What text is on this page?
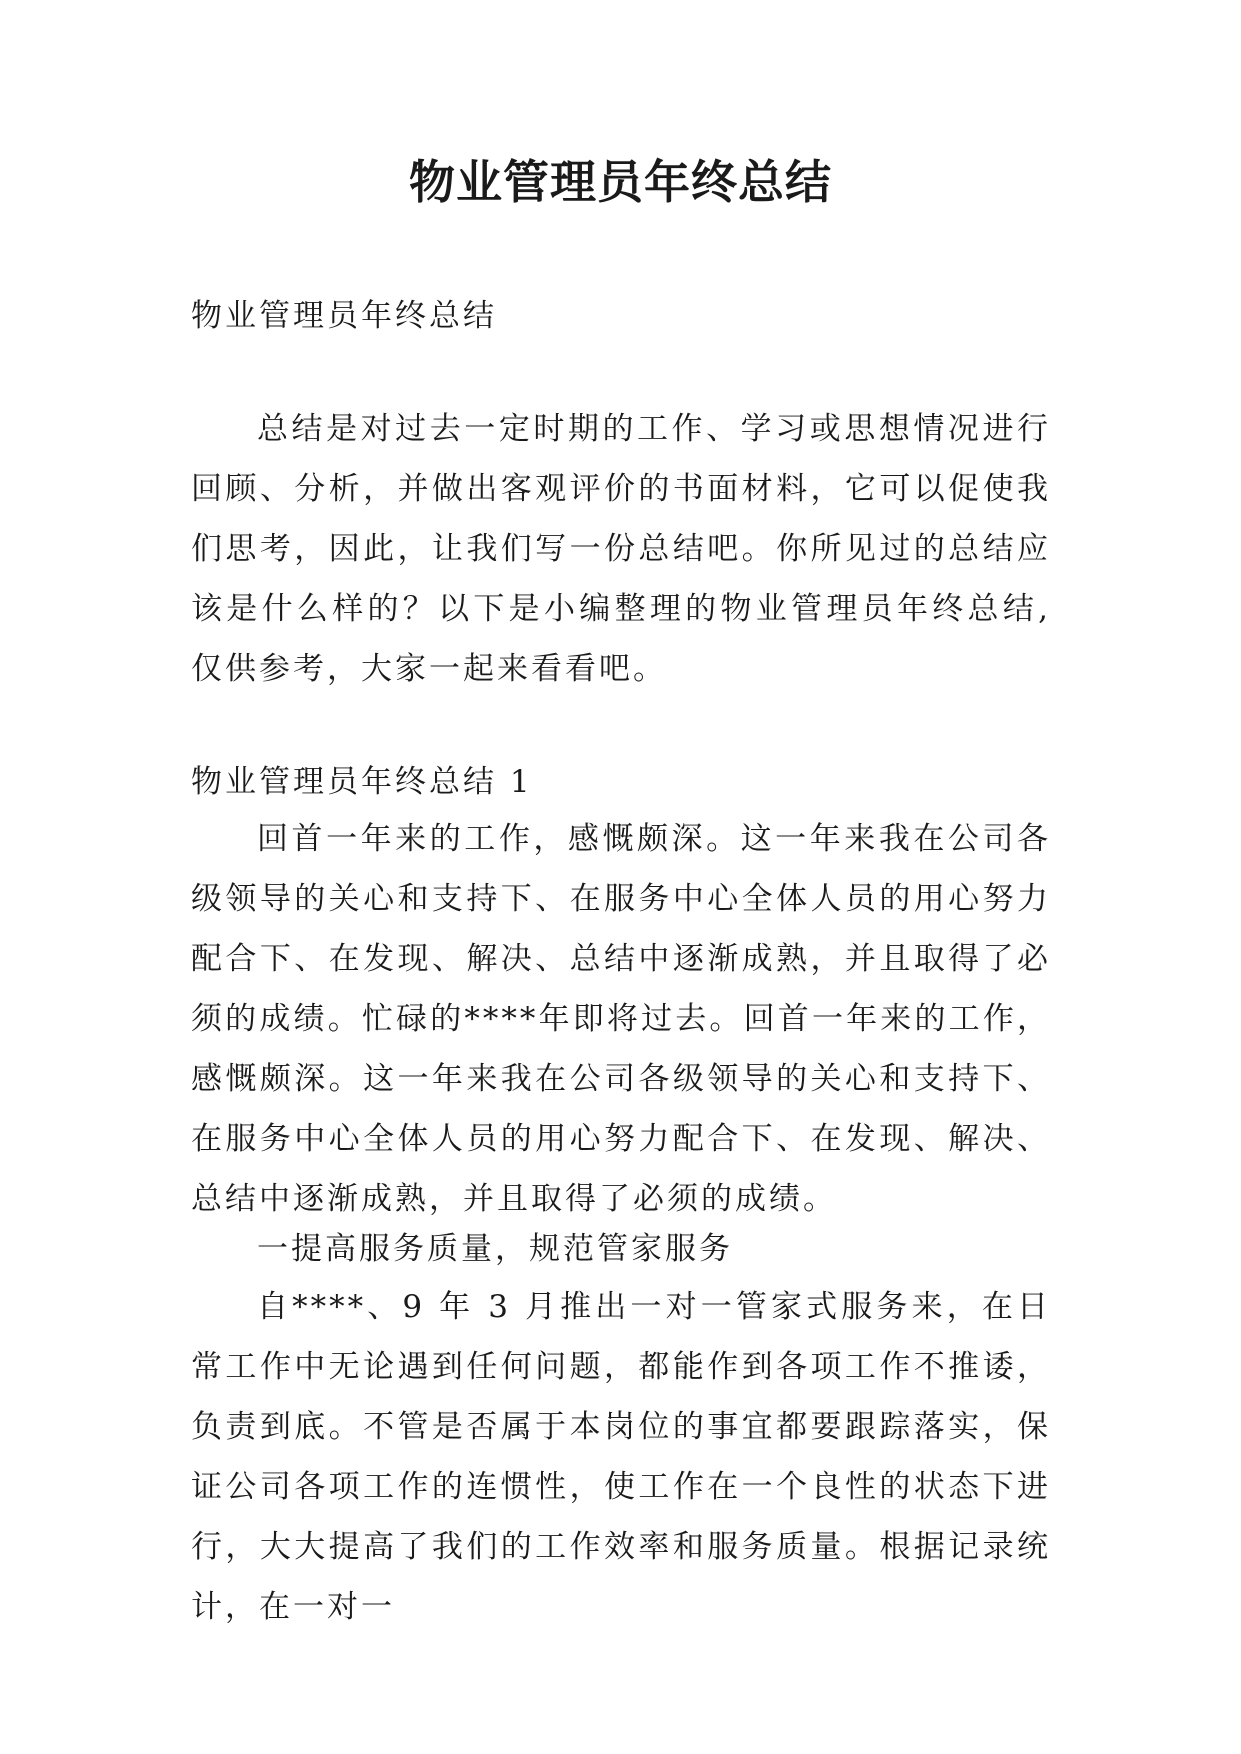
物业管理员年终总结

物业管理员年终总结

总结是对过去一定时期的工作、学习或思想情况进行回顾、分析，并做出客观评价的书面材料，它可以促使我们思考，因此，让我们写一份总结吧。你所见过的总结应该是什么样的？以下是小编整理的物业管理员年终总结,仅供参考，大家一起来看看吧。

物业管理员年终总结 1

回首一年来的工作，感慨颇深。这一年来我在公司各级领导的关心和支持下、在服务中心全体人员的用心努力配合下、在发现、解决、总结中逐渐成熟，并且取得了必须的成绩。忙碌的****年即将过去。回首一年来的工作，感慨颇深。这一年来我在公司各级领导的关心和支持下、在服务中心全体人员的用心努力配合下、在发现、解决、总结中逐渐成熟，并且取得了必须的成绩。

一提高服务质量，规范管家服务

自****、9 年 3 月推出一对一管家式服务来，在日常工作中无论遇到任何问题，都能作到各项工作不推诿，负责到底。不管是否属于本岗位的事宜都要跟踪落实，保证公司各项工作的连惯性，使工作在一个良性的状态下进行，大大提高了我们的工作效率和服务质量。根据记录统计，在一对一
